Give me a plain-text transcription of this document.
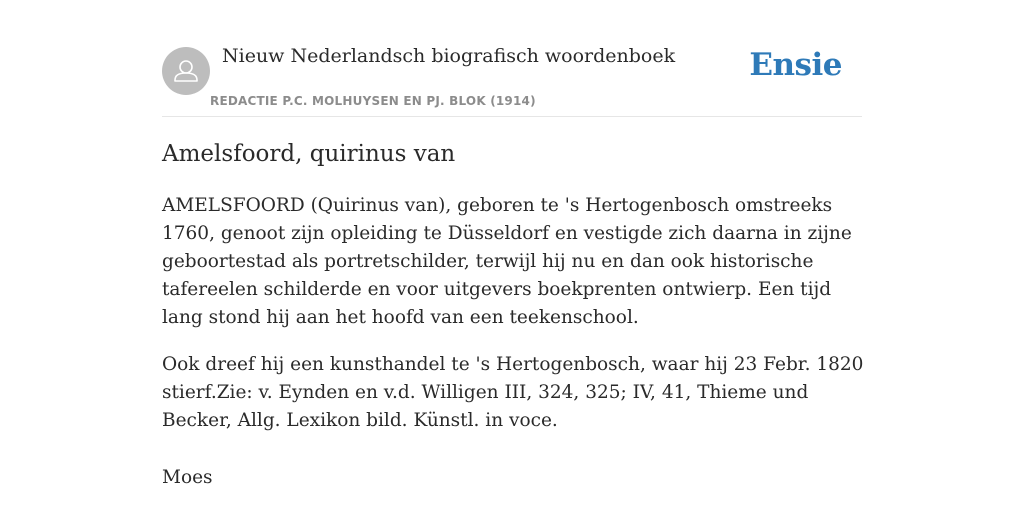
Nieuw Nederlandsch biografisch woordenboek
REDACTIE P.C. MOLHUYSEN EN PJ. BLOK (1914)
Ensie
Amelsfoord, quirinus van

AMELSFOORD (Quirinus van), geboren te 's Hertogenbosch omstreeks 1760, genoot zijn opleiding te Düsseldorf en vestigde zich daarna in zijne geboortestad als portretschilder, terwijl hij nu en dan ook historische tafereelen schilderde en voor uitgevers boekprenten ontwierp. Een tijd lang stond hij aan het hoofd van een teekenschool.

Ook dreef hij een kunsthandel te 's Hertogenbosch, waar hij 23 Febr. 1820 stierf.Zie: v. Eynden en v.d. Willigen III, 324, 325; IV, 41, Thieme und Becker, Allg. Lexikon bild. Künstl. in voce.

Moes
